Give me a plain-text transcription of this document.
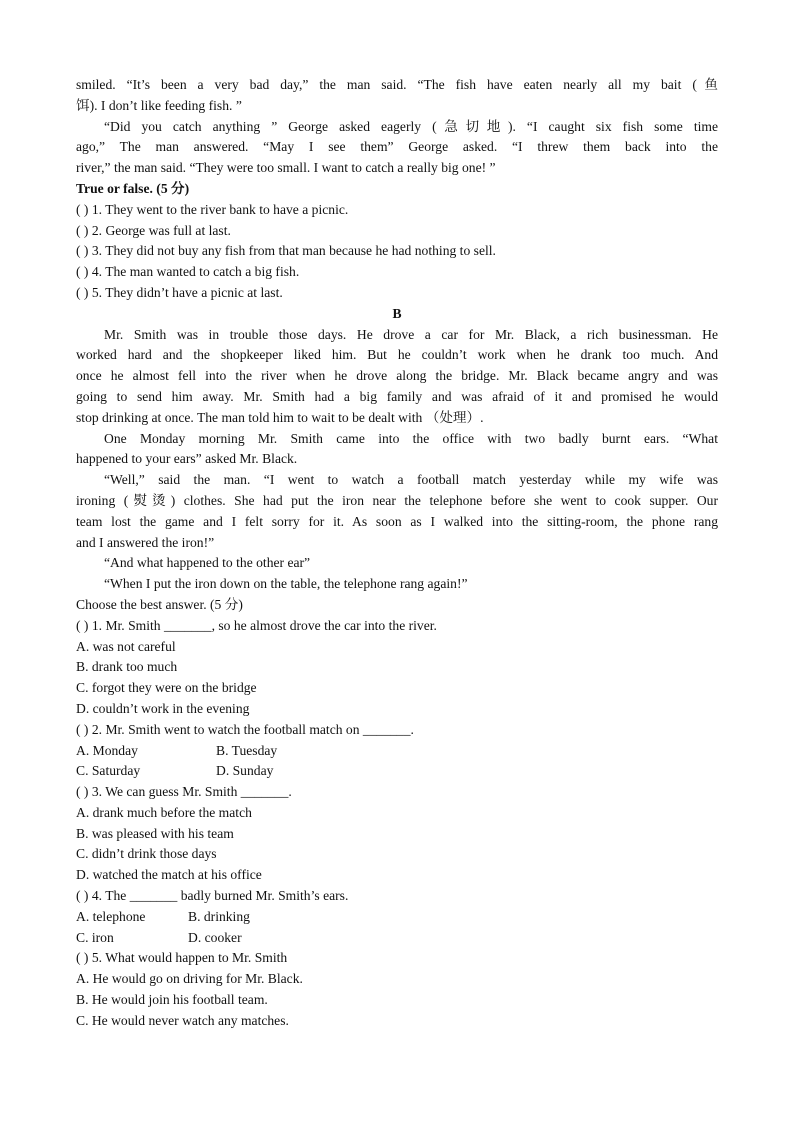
smiled. “It’s been a very bad day,” the man said. “The fish have eaten nearly all my bait (鱼
饵). I don’t like feeding fish. ”
“Did you catch anything ” George asked eagerly (急切地). “I caught six fish some time
ago,” The man answered. “May I see them” George asked. “I threw them back into the
river,” the man said. “They were too small. I want to catch a really big one! ”
True or false. (5 分)
( ) 1. They went to the river bank to have a picnic.
( ) 2. George was full at last.
( ) 3. They did not buy any fish from that man because he had nothing to sell.
( ) 4. The man wanted to catch a big fish.
( ) 5. They didn’t have a picnic at last.
B
Mr. Smith was in trouble those days. He drove a car for Mr. Black, a rich businessman. He
worked hard and the shopkeeper liked him. But he couldn’t work when he drank too much. And
once he almost fell into the river when he drove along the bridge. Mr. Black became angry and was
going to send him away. Mr. Smith had a big family and was afraid of it and promised he would
stop drinking at once. The man told him to wait to be dealt with （处理）.
One Monday morning Mr. Smith came into the office with two badly burnt ears. “What
happened to your ears” asked Mr. Black.
“Well,” said the man. “I went to watch a football match yesterday while my wife was
ironing (熨烫) clothes. She had put the iron near the telephone before she went to cook supper. Our
team lost the game and I felt sorry for it. As soon as I walked into the sitting-room, the phone rang
and I answered the iron!”
“And what happened to the other ear”
“When I put the iron down on the table, the telephone rang again!”
Choose the best answer. (5 分)
( ) 1. Mr. Smith _______, so he almost drove the car into the river.
A. was not careful
B. drank too much
C. forgot they were on the bridge
D. couldn’t work in the evening
( ) 2. Mr. Smith went to watch the football match on _______.
A. Monday	B. Tuesday
C. Saturday	D. Sunday
( ) 3. We can guess Mr. Smith _______.
A. drank much before the match
B. was pleased with his team
C. didn’t drink those days
D. watched the match at his office
( ) 4. The _______ badly burned Mr. Smith’s ears.
A. telephone	B. drinking
C. iron	D. cooker
( ) 5. What would happen to Mr. Smith
A. He would go on driving for Mr. Black.
B. He would join his football team.
C. He would never watch any matches.
